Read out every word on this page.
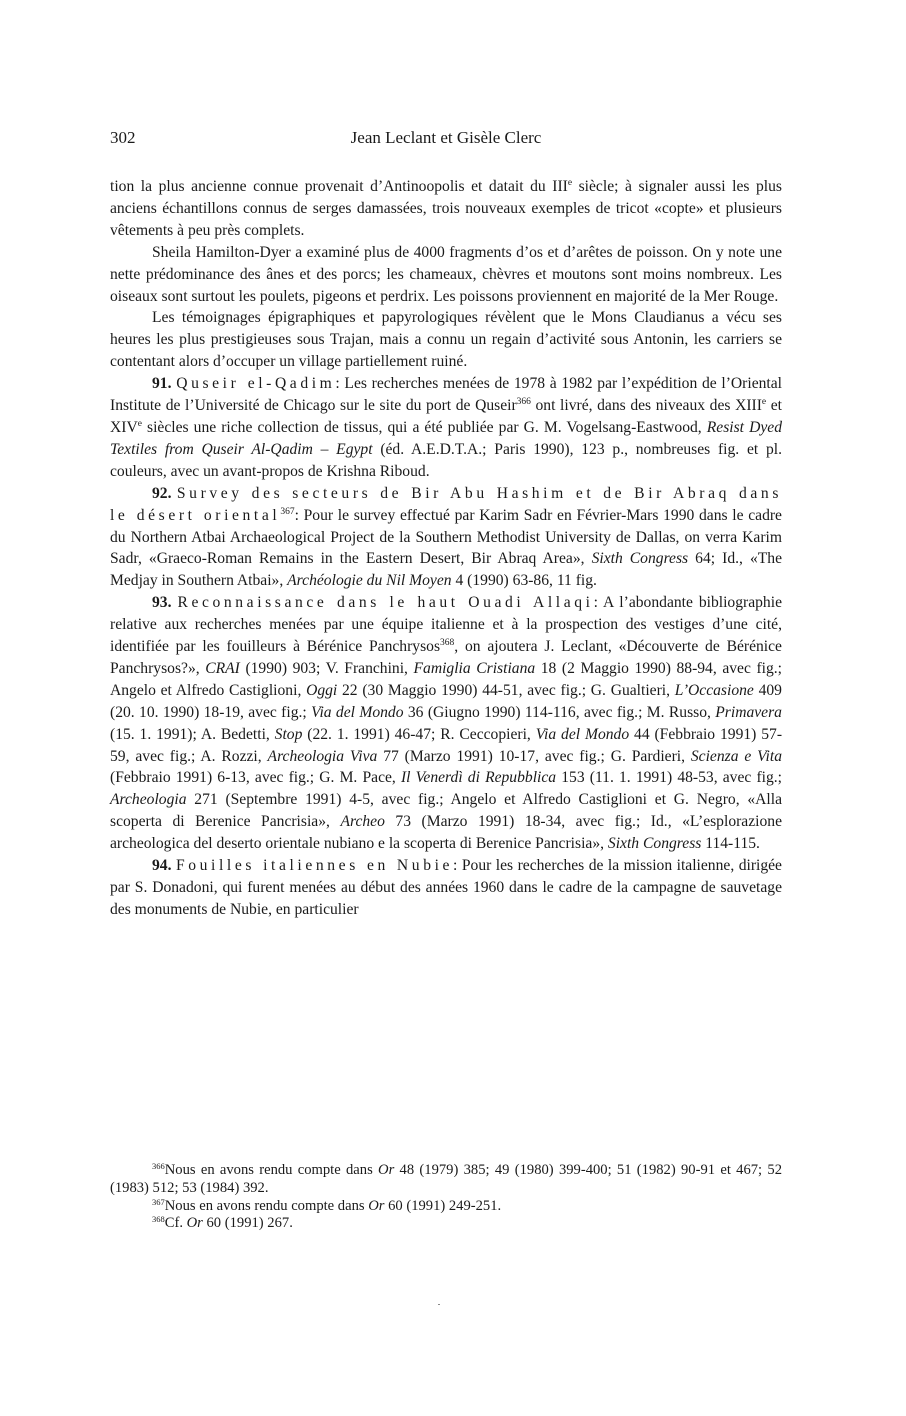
302	Jean Leclant et Gisèle Clerc

tion la plus ancienne connue provenait d’Antinoopolis et datait du IIIe siècle; à signaler aussi les plus anciens échantillons connus de serges damassées, trois nouveaux exemples de tricot «copte» et plusieurs vêtements à peu près complets.

Sheila Hamilton-Dyer a examiné plus de 4000 fragments d’os et d’arêtes de poisson. On y note une nette prédominance des ânes et des porcs; les chameaux, chèvres et moutons sont moins nombreux. Les oiseaux sont surtout les poulets, pigeons et perdrix. Les poissons proviennent en majorité de la Mer Rouge.

Les témoignages épigraphiques et papyrologiques révèlent que le Mons Claudianus a vécu ses heures les plus prestigieuses sous Trajan, mais a connu un regain d’activité sous Antonin, les carriers se contentant alors d’occuper un village partiellement ruiné.

91. Quseir el-Qadim: Les recherches menées de 1978 à 1982 par l’expédition de l’Oriental Institute de l’Université de Chicago sur le site du port de Quseir$^{366}$ ont livré, dans des niveaux des XIIIe et XIVe siècles une riche collection de tissus, qui a été publiée par G. M. Vogelsang-Eastwood, Resist Dyed Textiles from Quseir Al-Qadim – Egypt (éd. A.E.D.T.A.; Paris 1990), 123 p., nombreuses fig. et pl. couleurs, avec un avant-propos de Krishna Riboud.

92. Survey des secteurs de Bir Abu Hashim et de Bir Abraq dans le désert oriental$^{367}$: Pour le survey effectué par Karim Sadr en Février-Mars 1990 dans le cadre du Northern Atbai Archaeological Project de la Southern Methodist University de Dallas, on verra Karim Sadr, «Graeco-Roman Remains in the Eastern Desert, Bir Abraq Area», Sixth Congress 64; Id., «The Medjay in Southern Atbai», Archéologie du Nil Moyen 4 (1990) 63-86, 11 fig.

93. Reconnaissance dans le haut Ouadi Allaqi: A l’abondante bibliographie relative aux recherches menées par une équipe italienne et à la prospection des vestiges d’une cité, identifiée par les fouilleurs à Bérénice Panchrysos$^{368}$, on ajoutera J. Leclant, «Découverte de Bérénice Panchrysos?», CRAI (1990) 903; V. Franchini, Famiglia Cristiana 18 (2 Maggio 1990) 88-94, avec fig.; Angelo et Alfredo Castiglioni, Oggi 22 (30 Maggio 1990) 44-51, avec fig.; G. Gualtieri, L’Occasione 409 (20. 10. 1990) 18-19, avec fig.; Via del Mondo 36 (Giugno 1990) 114-116, avec fig.; M. Russo, Primavera (15. 1. 1991); A. Bedetti, Stop (22. 1. 1991) 46-47; R. Ceccopieri, Via del Mondo 44 (Febbraio 1991) 57-59, avec fig.; A. Rozzi, Archeologia Viva 77 (Marzo 1991) 10-17, avec fig.; G. Pardieri, Scienza e Vita (Febbraio 1991) 6-13, avec fig.; G. M. Pace, Il Venerdì di Repubblica 153 (11. 1. 1991) 48-53, avec fig.; Archeologia 271 (Septembre 1991) 4-5, avec fig.; Angelo et Alfredo Castiglioni et G. Negro, «Alla scoperta di Berenice Pancrisia», Archeo 73 (Marzo 1991) 18-34, avec fig.; Id., «L’esplorazione archeologica del deserto orientale nubiano e la scoperta di Berenice Pancrisia», Sixth Congress 114-115.

94. Fouilles italiennes en Nubie: Pour les recherches de la mission italienne, dirigée par S. Donadoni, qui furent menées au début des années 1960 dans le cadre de la campagne de sauvetage des monuments de Nubie, en particulier

$^{366}$Nous en avons rendu compte dans Or 48 (1979) 385; 49 (1980) 399-400; 51 (1982) 90-91 et 467; 52 (1983) 512; 53 (1984) 392.

$^{367}$Nous en avons rendu compte dans Or 60 (1991) 249-251.

$^{368}$Cf. Or 60 (1991) 267.
